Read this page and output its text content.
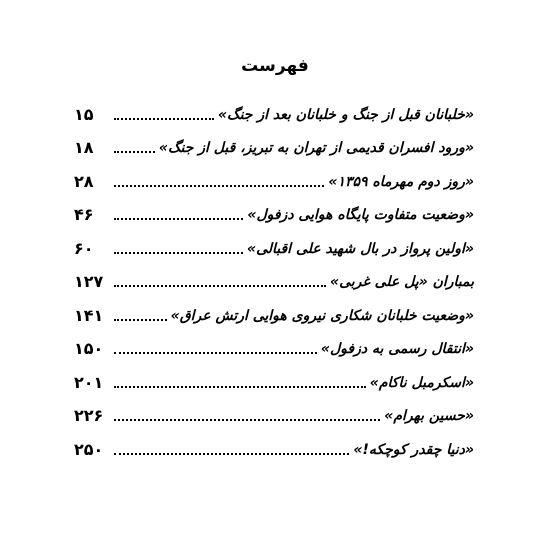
فهرست
«خلبانان قبل از جنگ و خلبانان بعد از جنگ»
۱۵
«ورود افسران قدیمی از تهران به تبریز، قبل از جنگ»
۱۸
«روز دوم مهرماه ۱۳۵۹»
۲۸
«وضعیت متفاوت پایگاه هوایی دزفول»
۴۶
«اولین پرواز در بال شهید علی اقبالی»
۶۰
بمباران «پل علی غربی»
۱۲۷
«وضعیت خلبانان شکاری نیروی هوایی ارتش عراق»
۱۴۱
«انتقال رسمی به دزفول»
۱۵۰
«اسکرمبل ناکام»
۲۰۱
«حسین بهرام»
۲۲۶
«دنیا چقدر کوچکه!»
۲۵۰
